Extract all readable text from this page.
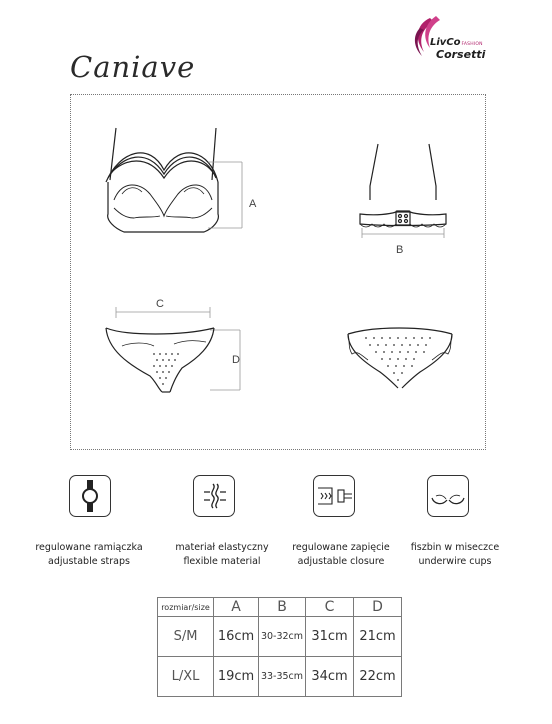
LivCoFASHION
Corsetti
Caniave
A
B
C
D
regulowane ramiączka
adjustable straps
materiał elastyczny
flexible material
regulowane zapięcie
adjustable closure
fiszbin w miseczce
underwire cups
rozmiar/size	A	B	C	D
S/M	16cm	30-32cm	31cm	21cm
L/XL	19cm	33-35cm	34cm	22cm
